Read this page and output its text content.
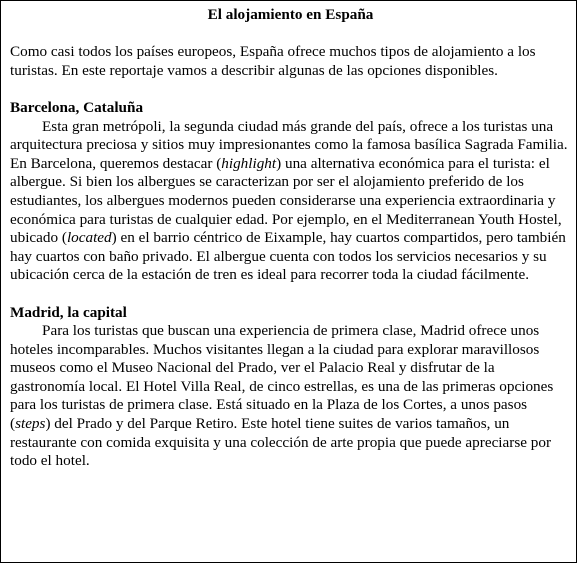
El alojamiento en España

Como casi todos los países europeos, España ofrece muchos tipos de alojamiento a los turistas. En este reportaje vamos a describir algunas de las opciones disponibles.

Barcelona, Cataluña

Esta gran metrópoli, la segunda ciudad más grande del país, ofrece a los turistas una arquitectura preciosa y sitios muy impresionantes como la famosa basílica Sagrada Familia. En Barcelona, queremos destacar (highlight) una alternativa económica para el turista: el albergue. Si bien los albergues se caracterizan por ser el alojamiento preferido de los estudiantes, los albergues modernos pueden considerarse una experiencia extraordinaria y económica para turistas de cualquier edad. Por ejemplo, en el Mediterranean Youth Hostel, ubicado (located) en el barrio céntrico de Eixample, hay cuartos compartidos, pero también hay cuartos con baño privado. El albergue cuenta con todos los servicios necesarios y su ubicación cerca de la estación de tren es ideal para recorrer toda la ciudad fácilmente.

Madrid, la capital

Para los turistas que buscan una experiencia de primera clase, Madrid ofrece unos hoteles incomparables. Muchos visitantes llegan a la ciudad para explorar maravillosos museos como el Museo Nacional del Prado, ver el Palacio Real y disfrutar de la gastronomía local. El Hotel Villa Real, de cinco estrellas, es una de las primeras opciones para los turistas de primera clase. Está situado en la Plaza de los Cortes, a unos pasos (steps) del Prado y del Parque Retiro. Este hotel tiene suites de varios tamaños, un restaurante con comida exquisita y una colección de arte propia que puede apreciarse por todo el hotel.
